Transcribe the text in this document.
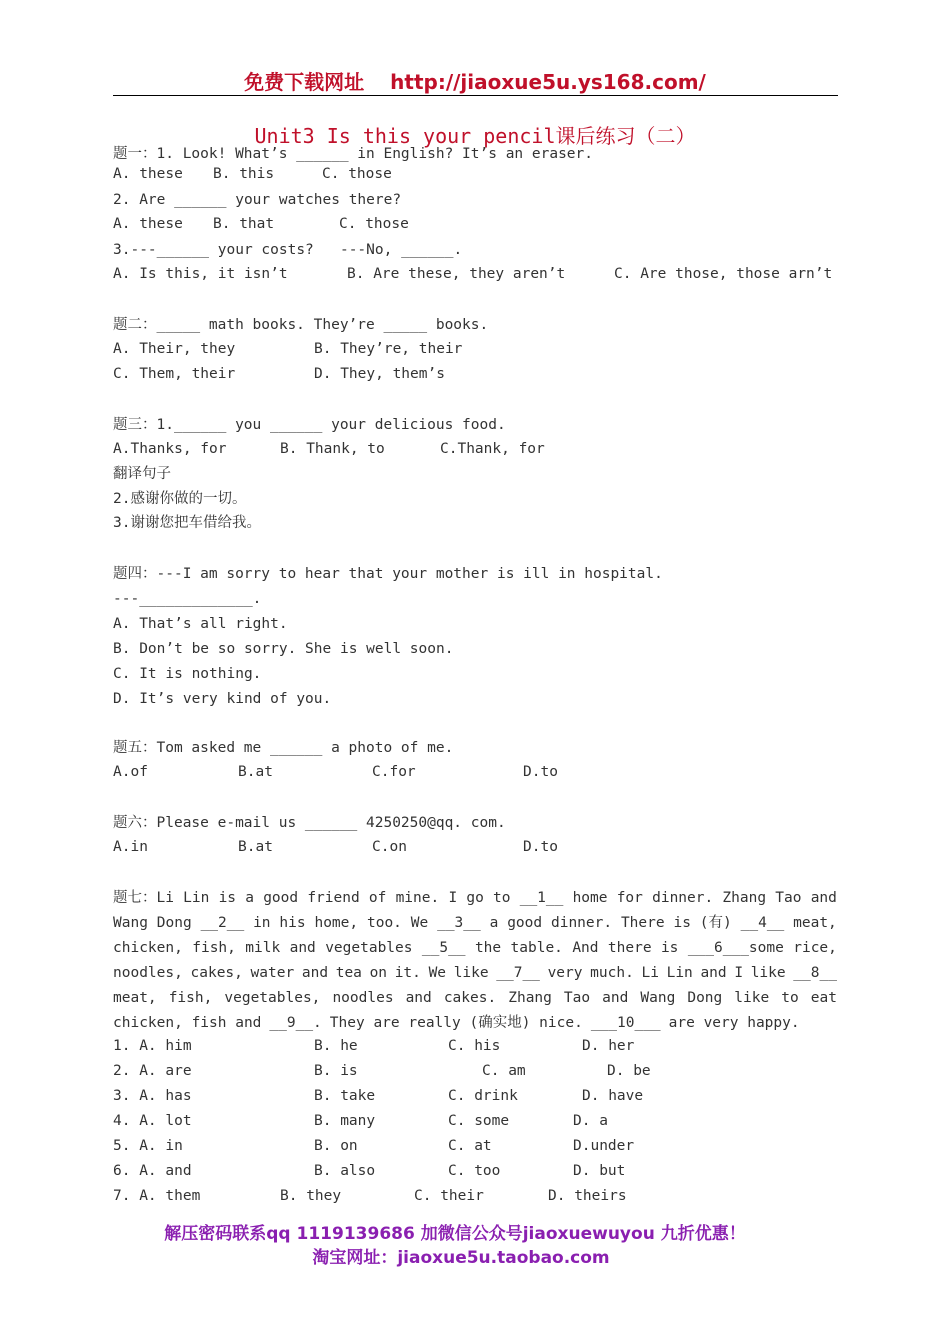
免费下载网址 http://jiaoxue5u.ys168.com/
Unit3 Is this your pencil课后练习（二）
题一：1. Look! What’s ______ in English? It’s an eraser.
A. these B. this	C. those
2. Are ______ your watches there?
A. these B. that	C. those
3.---______ your costs?   ---No, ______.
A. Is this, it isn’t	B. Are these, they aren’t	C. Are those, those arn’t
题二：_____ math books. They’re _____ books.
A. Their, they	B. They’re, their
C. Them, their	D. They, them’s
题三：1.______ you ______ your delicious food.
A.Thanks, for	B. Thank, to	C.Thank, for
翻译句子
2.感谢你做的一切。
3.谢谢您把车借给我。
题四：---I am sorry to hear that your mother is ill in hospital.
---_____________.
A. That’s all right.
B. Don’t be so sorry. She is well soon.
C. It is nothing.
D. It’s very kind of you.
题五：Tom asked me ______ a photo of me.
A.of	B.at	C.for	D.to
题六：Please e-mail us ______ 4250250@qq. com.
A.in	B.at	C.on	D.to
题七：Li Lin is a good friend of mine. I go to __1__ home for dinner. Zhang Tao and
Wang Dong __2__ in his home, too. We __3__ a good dinner. There is (有) __4__ meat,
chicken, fish, milk and vegetables __5__ the table. And there is ___6___some rice,
noodles, cakes, water and tea on it. We like __7__ very much. Li Lin and I like __8__
meat, fish, vegetables, noodles and cakes. Zhang Tao and Wang Dong like to eat
chicken, fish and __9__. They are really (确实地) nice. ___10___ are very happy.
1. A. him	B. he	C. his	D. her
2. A. are	B. is	C. am	D. be
3. A. has	B. take	C. drink	D. have
4. A. lot	B. many	C. some	D. a
5. A. in	B. on	C. at	D.under
6. A. and	B. also	C. too	D. but
7. A. them	B. they	C. their	D. theirs
解压密码联系qq 1119139686 加微信公众号jiaoxuewuyou 九折优惠！
淘宝网址：jiaoxue5u.taobao.com
